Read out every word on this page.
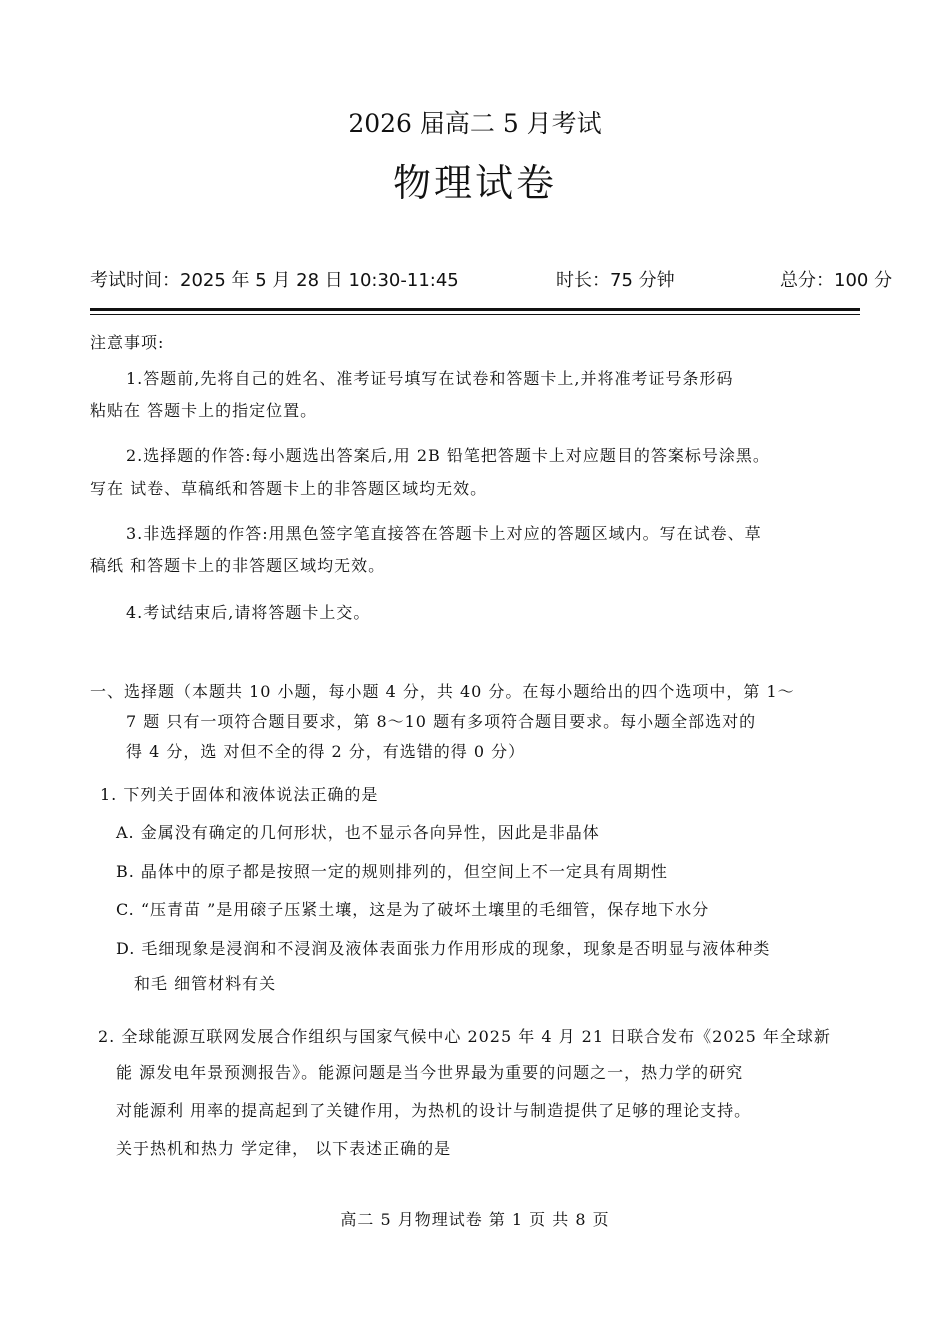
2026 届高二 5 月考试
物理试卷
考试时间：2025 年 5 月 28 日 10:30-11:45	时长：75 分钟	总分：100 分
注意事项:
1.答题前,先将自己的姓名、准考证号填写在试卷和答题卡上,并将准考证号条形码
粘贴在 答题卡上的指定位置。
2.选择题的作答:每小题选出答案后,用 2B 铅笔把答题卡上对应题目的答案标号涂黑。
写在 试卷、草稿纸和答题卡上的非答题区域均无效。
3.非选择题的作答:用黑色签字笔直接答在答题卡上对应的答题区域内。写在试卷、草
稿纸 和答题卡上的非答题区域均无效。
4.考试结束后,请将答题卡上交。
一、选择题（本题共 10 小题，每小题 4 分，共 40 分。在每小题给出的四个选项中，第 1～
7 题 只有一项符合题目要求，第 8～10 题有多项符合题目要求。每小题全部选对的
得 4 分，选 对但不全的得 2 分，有选错的得 0 分）
1. 下列关于固体和液体说法正确的是
A. 金属没有确定的几何形状，也不显示各向异性，因此是非晶体
B. 晶体中的原子都是按照一定的规则排列的，但空间上不一定具有周期性
C. “压青苗 ”是用磙子压紧土壤，这是为了破坏土壤里的毛细管，保存地下水分
D. 毛细现象是浸润和不浸润及液体表面张力作用形成的现象，现象是否明显与液体种类
和毛 细管材料有关
2. 全球能源互联网发展合作组织与国家气候中心 2025 年 4 月 21 日联合发布《2025 年全球新
能 源发电年景预测报告》。能源问题是当今世界最为重要的问题之一，热力学的研究
对能源利 用率的提高起到了关键作用，为热机的设计与制造提供了足够的理论支持。
关于热机和热力 学定律， 以下表述正确的是
高二 5 月物理试卷 第 1 页 共 8 页
